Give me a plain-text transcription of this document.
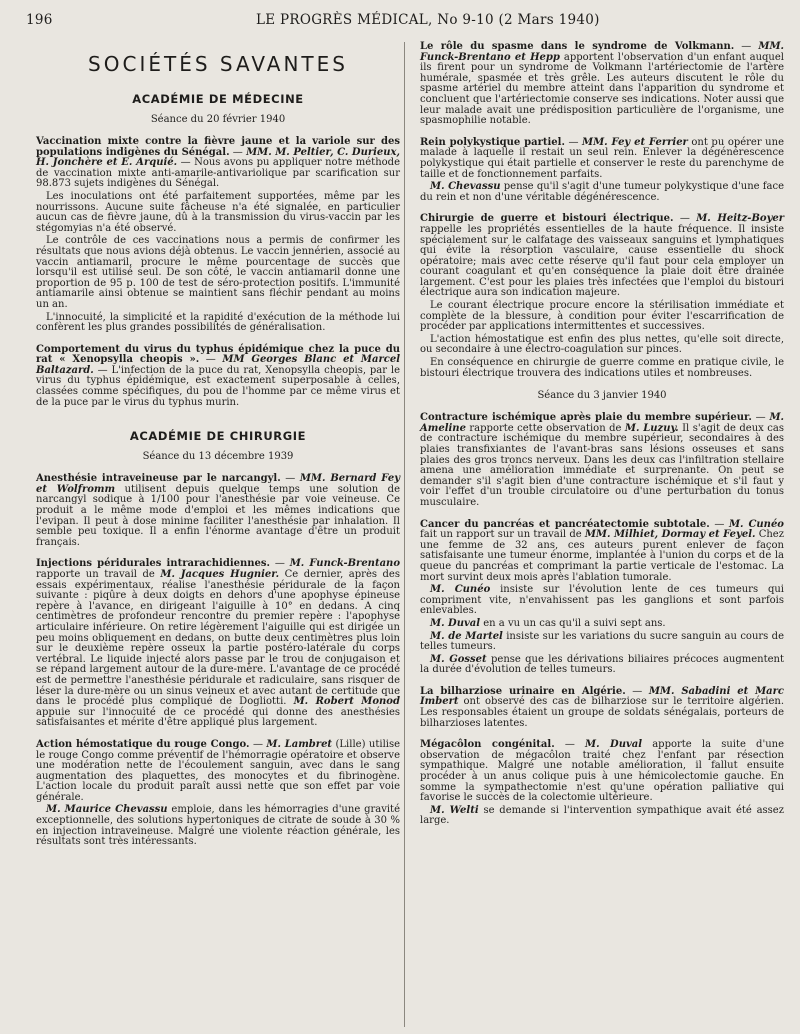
196	LE PROGRÈS MÉDICAL, No 9-10 (2 Mars 1940)
SOCIÉTÉS SAVANTES
ACADÉMIE DE MÉDECINE
Séance du 20 février 1940

Vaccination mixte contre la fièvre jaune et la variole sur des populations indigènes du Sénégal. — MM. M. Peltier, C. Durieux, H. Jonchère et E. Arquié. — Nous avons pu appliquer notre méthode de vaccination mixte anti-amarile-antivariolique par scarification sur 98.873 sujets indigènes du Sénégal.

Les inoculations ont été parfaitement supportées, même par les nourrissons. Aucune suite fâcheuse n'a été signalée, en particulier aucun cas de fièvre jaune, dû à la transmission du virus-vaccin par les stégomyias n'a été observé.

Le contrôle de ces vaccinations nous a permis de confirmer les résultats que nous avions déjà obtenus. Le vaccin jennérien, associé au vaccin antiamaril, procure le même pourcentage de succès que lorsqu'il est utilisé seul. De son côté, le vaccin antiamaril donne une proportion de 95 p. 100 de test de séro-protection positifs. L'immunité antiamarile ainsi obtenue se maintient sans fléchir pendant au moins un an.

L'innocuité, la simplicité et la rapidité d'exécution de la méthode lui confèrent les plus grandes possibilités de généralisation.

Comportement du virus du typhus épidémique chez la puce du rat « Xenopsylla cheopis ». — MM Georges Blanc et Marcel Baltazard. — L'infection de la puce du rat, Xenopsylla cheopis, par le virus du typhus épidémique, est exactement superposable à celles, classées comme spécifiques, du pou de l'homme par ce même virus et de la puce par le virus du typhus murin.

ACADÉMIE DE CHIRURGIE
Séance du 13 décembre 1939

Anesthésie intraveineuse par le narcangyl. — MM. Bernard Fey et Wolfromm utilisent depuis quelque temps une solution de narcangyl sodique à 1/100 pour l'anesthésie par voie veineuse. Ce produit a le même mode d'emploi et les mêmes indications que l'evipan. Il peut à dose minime faciliter l'anesthésie par inhalation. Il semble peu toxique. Il a enfin l'énorme avantage d'être un produit français.

Injections péridurales intrarachidiennes. — M. Funck-Brentano rapporte un travail de M. Jacques Hugnier. Ce dernier, après des essais expérimentaux, réalise l'anesthésie péridurale de la façon suivante : piqûre à deux doigts en dehors d'une apophyse épineuse repère à l'avance, en dirigeant l'aiguille à 10° en dedans. A cinq centimètres de profondeur rencontre du premier repère : l'apophyse articulaire inférieure. On retire légèrement l'aiguille qui est dirigée un peu moins obliquement en dedans, on butte deux centimètres plus loin sur le deuxième repère osseux la partie postéro-latérale du corps vertébral. Le liquide injecté alors passe par le trou de conjugaison et se répand largement autour de la dure-mère. L'avantage de ce procédé est de permettre l'anesthésie péridurale et radiculaire, sans risquer de léser la dure-mère ou un sinus veineux et avec autant de certitude que dans le procédé plus compliqué de Dogliotti. M. Robert Monod appuie sur l'innocuité de ce procédé qui donne des anesthésies satisfaisantes et mérite d'être appliqué plus largement.

Action hémostatique du rouge Congo. — M. Lambret (Lille) utilise le rouge Congo comme préventif de l'hémorragie opératoire et observe une modération nette de l'écoulement sanguin, avec dans le sang augmentation des plaquettes, des monocytes et du fibrinogène. L'action locale du produit paraît aussi nette que son effet par voie générale.

M. Maurice Chevassu emploie, dans les hémorragies d'une gravité exceptionnelle, des solutions hypertoniques de citrate de soude à 30 % en injection intraveineuse. Malgré une violente réaction générale, les résultats sont très intéressants.

Le rôle du spasme dans le syndrome de Volkmann. — MM. Funck-Brentano et Hepp apportent l'observation d'un enfant auquel ils firent pour un syndrome de Volkmann l'artériectomie de l'artère humérale, spasmée et très grêle. Les auteurs discutent le rôle du spasme artériel du membre atteint dans l'apparition du syndrome et concluent que l'artériectomie conserve ses indications. Noter aussi que leur malade avait une prédisposition particulière de l'organisme, une spasmophilie notable.

Rein polykystique partiel. — MM. Fey et Ferrier ont pu opérer une malade à laquelle il restait un seul rein. Enlever la dégénérescence polykystique qui était partielle et conserver le reste du parenchyme de taille et de fonctionnement parfaits.

M. Chevassu pense qu'il s'agit d'une tumeur polykystique d'une face du rein et non d'une véritable dégénérescence.

Chirurgie de guerre et bistouri électrique. — M. Heitz-Boyer rappelle les propriétés essentielles de la haute fréquence. Il insiste spécialement sur le calfatage des vaisseaux sanguins et lymphatiques qui évite la résorption vasculaire, cause essentielle du shock opératoire; mais avec cette réserve qu'il faut pour cela employer un courant coagulant et qu'en conséquence la plaie doit être drainée largement. C'est pour les plaies très infectées que l'emploi du bistouri électrique aura son indication majeure.

Le courant électrique procure encore la stérilisation immédiate et complète de la blessure, à condition pour éviter l'escarrification de procéder par applications intermittentes et successives.

L'action hémostatique est enfin des plus nettes, qu'elle soit directe, ou secondaire à une électro-coagulation sur pinces.

En conséquence en chirurgie de guerre comme en pratique civile, le bistouri électrique trouvera des indications utiles et nombreuses.

Séance du 3 janvier 1940

Contracture ischémique après plaie du membre supérieur. — M. Ameline rapporte cette observation de M. Luzuy. Il s'agit de deux cas de contracture ischémique du membre supérieur, secondaires à des plaies transfixiantes de l'avant-bras sans lésions osseuses et sans plaies des gros troncs nerveux. Dans les deux cas l'infiltration stellaire amena une amélioration immédiate et surprenante. On peut se demander s'il s'agit bien d'une contracture ischémique et s'il faut y voir l'effet d'un trouble circulatoire ou d'une perturbation du tonus musculaire.

Cancer du pancréas et pancréatectomie subtotale. — M. Cunéo fait un rapport sur un travail de MM. Milhiet, Dormay et Feyel. Chez une femme de 32 ans, ces auteurs purent enlever de façon satisfaisante une tumeur énorme, implantée à l'union du corps et de la queue du pancréas et comprimant la partie verticale de l'estomac. La mort survint deux mois après l'ablation tumorale.

M. Cunéo insiste sur l'évolution lente de ces tumeurs qui compriment vite, n'envahissent pas les ganglions et sont parfois enlevables.

M. Duval en a vu un cas qu'il a suivi sept ans.

M. de Martel insiste sur les variations du sucre sanguin au cours de telles tumeurs.

M. Gosset pense que les dérivations biliaires précoces augmentent la durée d'évolution de telles tumeurs.

La bilharziose urinaire en Algérie. — MM. Sabadini et Marc Imbert ont observé des cas de bilharziose sur le territoire algérien. Les responsables étaient un groupe de soldats sénégalais, porteurs de bilharzioses latentes.

Mégacôlon congénital. — M. Duval apporte la suite d'une observation de mégacôlon traité chez l'enfant par résection sympathique. Malgré une notable amélioration, il fallut ensuite procéder à un anus colique puis à une hémicolectomie gauche. En somme la sympathectomie n'est qu'une opération palliative qui favorise le succès de la colectomie ultérieure.

M. Welti se demande si l'intervention sympathique avait été assez large.
